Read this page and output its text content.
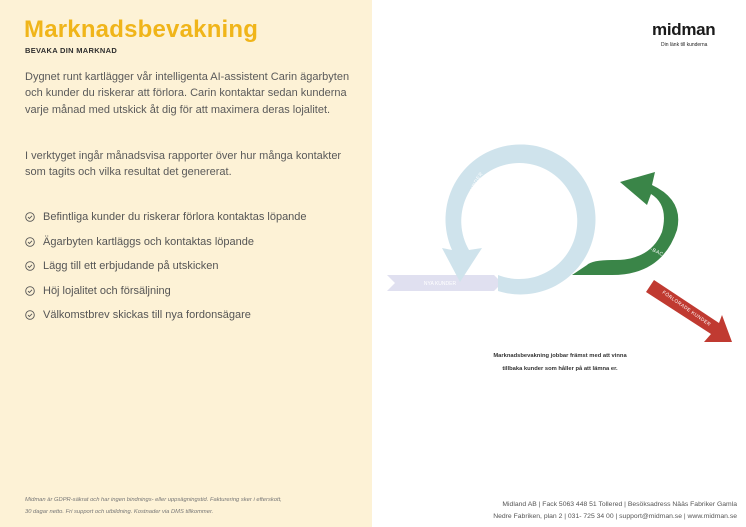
Marknadsbevakning
BEVAKA DIN MARKNAD

Dygnet runt kartlägger vår intelligenta AI-assistent Carin ägarbyten och kunder du riskerar att förlora. Carin kontaktar sedan kunderna varje månad med utskick åt dig för att maximera deras lojalitet.

I verktyget ingår månadsvisa rapporter över hur många kontakter som tagits och vilka resultat det genererat.

Befintliga kunder du riskerar förlora kontaktas löpande
Ägarbyten kartläggs och kontaktas löpande
Lägg till ett erbjudande på utskicken
Höj lojalitet och försäljning
Välkomstbrev skickas till nya fordonsägare
Midman är GDPR-säkrat och har ingen bindnings- eller uppsägningstid. Fakturering sker i efterskott,
30 dagar netto. Fri support och utbildning. Kostnader via DMS tillkommer.
midman
Din länk till kunderna
NYA KUNDER
BEFINTLIGA KUNDER
WIN-BACK
FÖRLORADE KUNDER
Marknadsbevakning jobbar främst med att vinna
tillbaka kunder som håller på att lämna er.
Midland AB | Fack 5063 448 51 Tollered | Besöksadress Nääs Fabriker Gamla
Nedre Fabriken, plan 2 | 031- 725 34 00 | support@midman.se | www.midman.se
